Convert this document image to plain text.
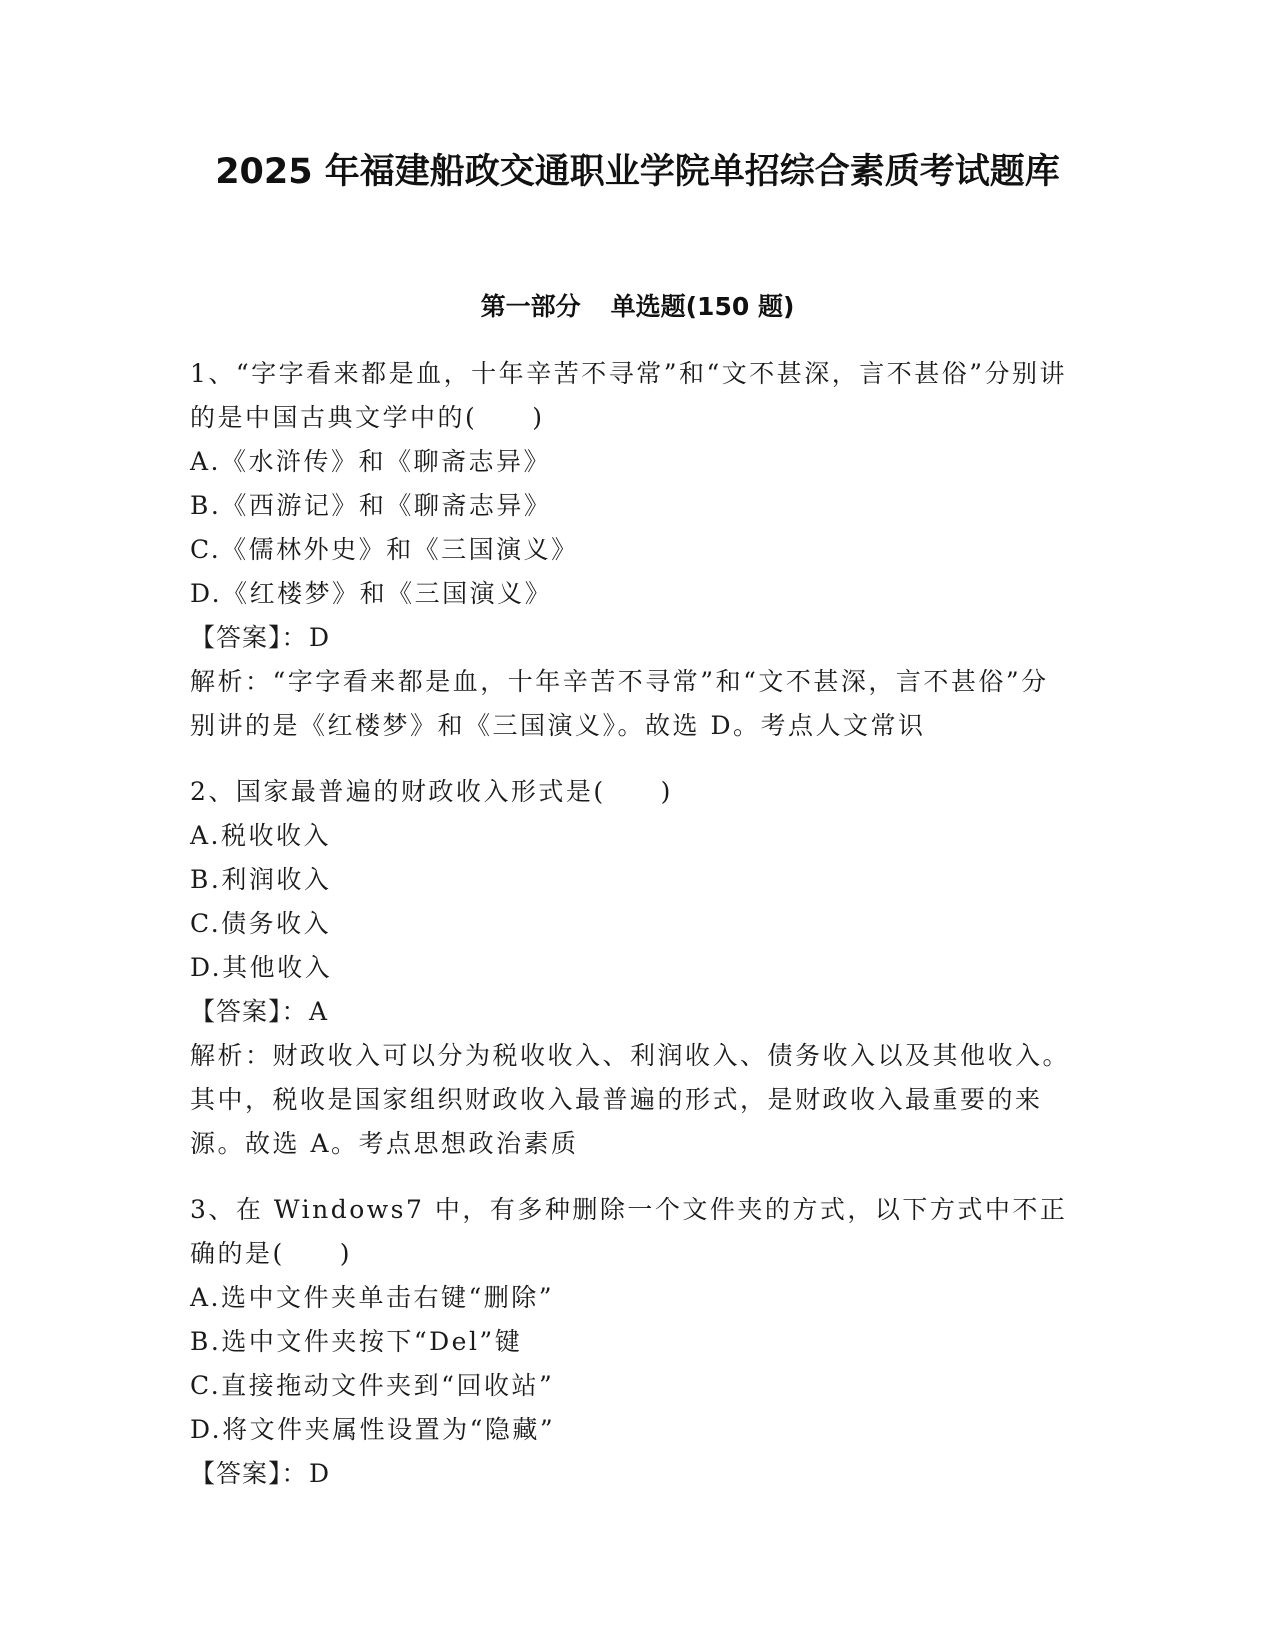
2025 年福建船政交通职业学院单招综合素质考试题库
第一部分 单选题(150 题)

1、“字字看来都是血，十年辛苦不寻常”和“文不甚深，言不甚俗”分别讲的是中国古典文学中的(　　)

A.《水浒传》和《聊斋志异》

B.《西游记》和《聊斋志异》

C.《儒林外史》和《三国演义》

D.《红楼梦》和《三国演义》

【答案】：D

解析：“字字看来都是血，十年辛苦不寻常”和“文不甚深，言不甚俗”分别讲的是《红楼梦》和《三国演义》。故选 D。考点人文常识

2、国家最普遍的财政收入形式是(　　)

A.税收收入

B.利润收入

C.债务收入

D.其他收入

【答案】：A

解析：财政收入可以分为税收收入、利润收入、债务收入以及其他收入。其中，税收是国家组织财政收入最普遍的形式，是财政收入最重要的来源。故选 A。考点思想政治素质

3、在 Windows7 中，有多种删除一个文件夹的方式，以下方式中不正确的是(　　)

A.选中文件夹单击右键“删除”

B.选中文件夹按下“Del”键

C.直接拖动文件夹到“回收站”

D.将文件夹属性设置为“隐藏”

【答案】：D
